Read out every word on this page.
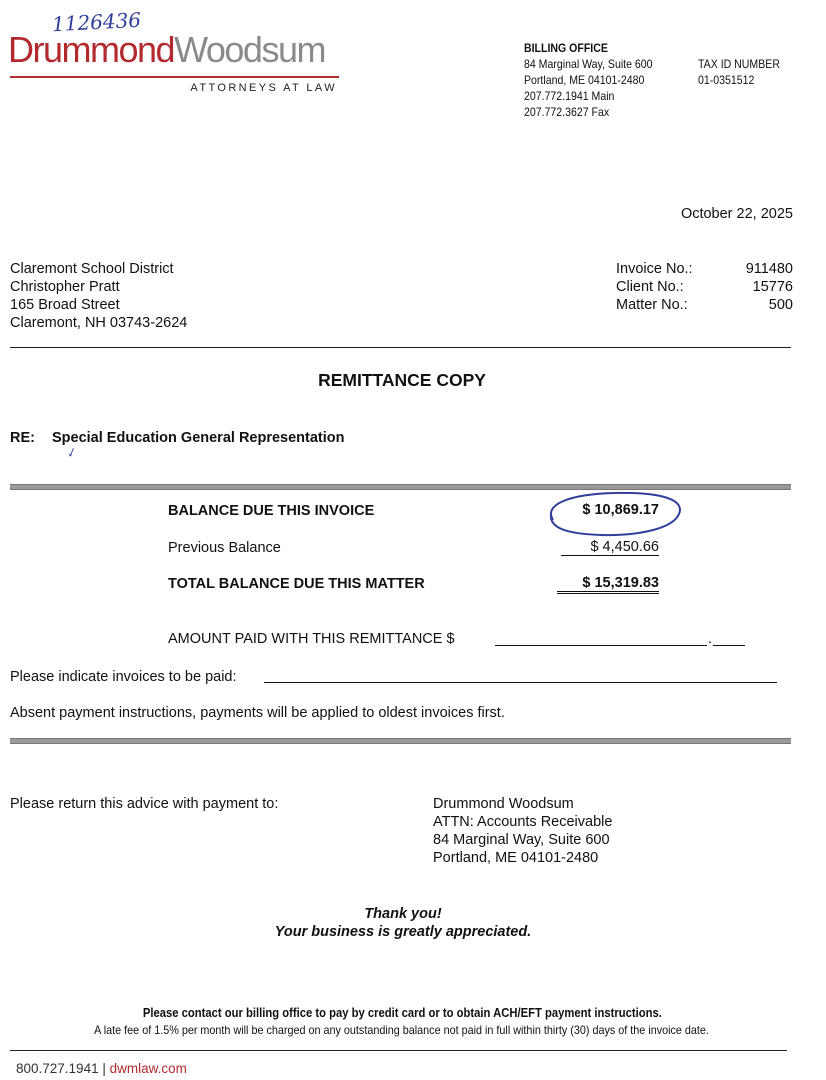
1126436
DrummondWoodsum
ATTORNEYS AT LAW
BILLING OFFICE
84 Marginal Way, Suite 600
Portland, ME 04101-2480
207.772.1941 Main
207.772.3627 Fax
TAX ID NUMBER
01-0351512
October 22, 2025
Claremont School District
Christopher Pratt
165 Broad Street
Claremont, NH 03743-2624
Invoice No.:	911480
Client No.:	15776
Matter No.:	500
REMITTANCE COPY
RE: Special Education General Representation
✓
BALANCE DUE THIS INVOICE	$ 10,869.17
Previous Balance	$ 4,450.66
TOTAL BALANCE DUE THIS MATTER	$ 15,319.83
AMOUNT PAID WITH THIS REMITTANCE $	.
Please indicate invoices to be paid:
Absent payment instructions, payments will be applied to oldest invoices first.
Please return this advice with payment to:	Drummond Woodsum
ATTN: Accounts Receivable
84 Marginal Way, Suite 600
Portland, ME 04101-2480
Thank you!
Your business is greatly appreciated.
Please contact our billing office to pay by credit card or to obtain ACH/EFT payment instructions.
A late fee of 1.5% per month will be charged on any outstanding balance not paid in full within thirty (30) days of the invoice date.
800.727.1941 | dwmlaw.com
